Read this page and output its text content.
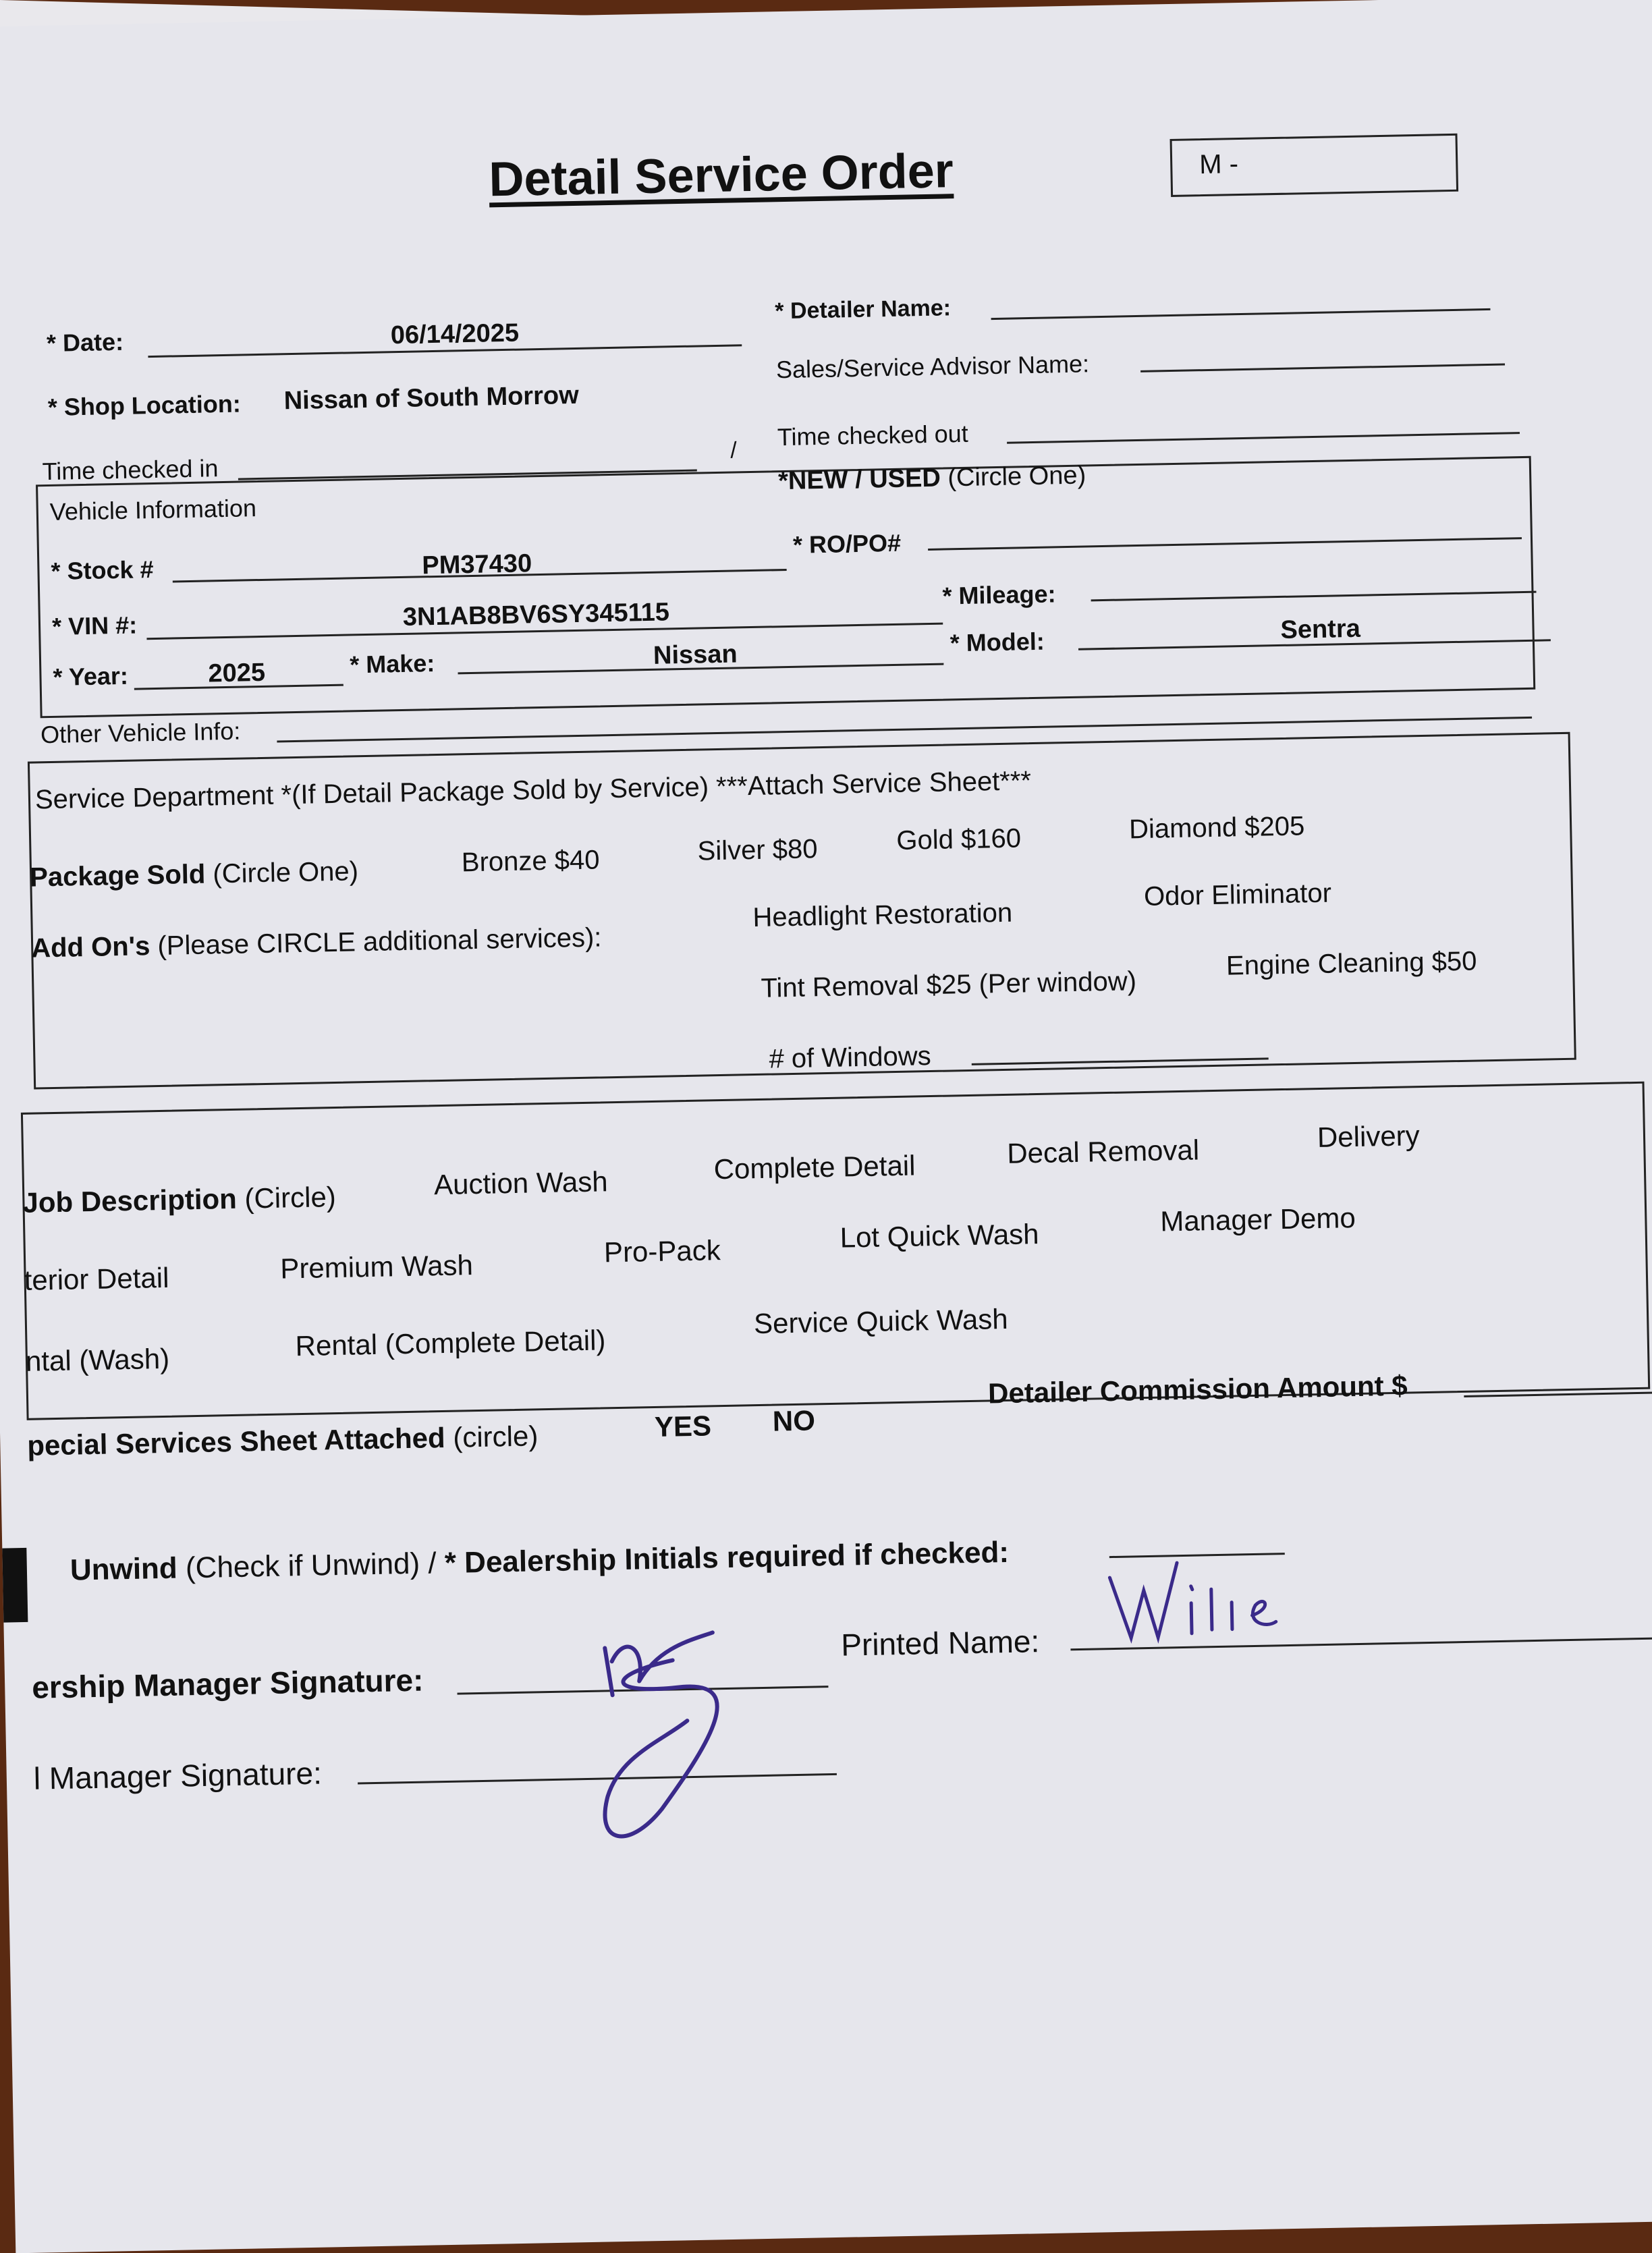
Detail Service Order	M -
* Date:	06/14/2025
* Detailer Name:
* Shop Location: Nissan of South Morrow
Sales/Service Advisor Name:
Time checked in
/ Time checked out
Vehicle Information
*NEW / USED (Circle One)
* Stock #	PM37430
* RO/PO#
* VIN #:	3N1AB8BV6SY345115
* Mileage:
* Year:	2025	* Make:	Nissan	* Model:	Sentra
Other Vehicle Info:
Service Department *(If Detail Package Sold by Service) ***Attach Service Sheet***
Package Sold (Circle One)	Bronze $40	Silver $80	Gold $160	Diamond $205
Add On's (Please CIRCLE additional services):
Headlight Restoration
Odor Eliminator
Tint Removal $25 (Per window)
Engine Cleaning $50
# of Windows
Job Description (Circle)	Auction Wash	Complete Detail	Decal Removal	Delivery
terior Detail	Premium Wash	Pro-Pack	Lot Quick Wash	Manager Demo
ntal (Wash)	Rental (Complete Detail)
Service Quick Wash
pecial Services Sheet Attached (circle)	YES NO
Detailer Commission Amount $
Unwind (Check if Unwind) / * Dealership Initials required if checked:
ership Manager Signature:
Printed Name:
l Manager Signature:
